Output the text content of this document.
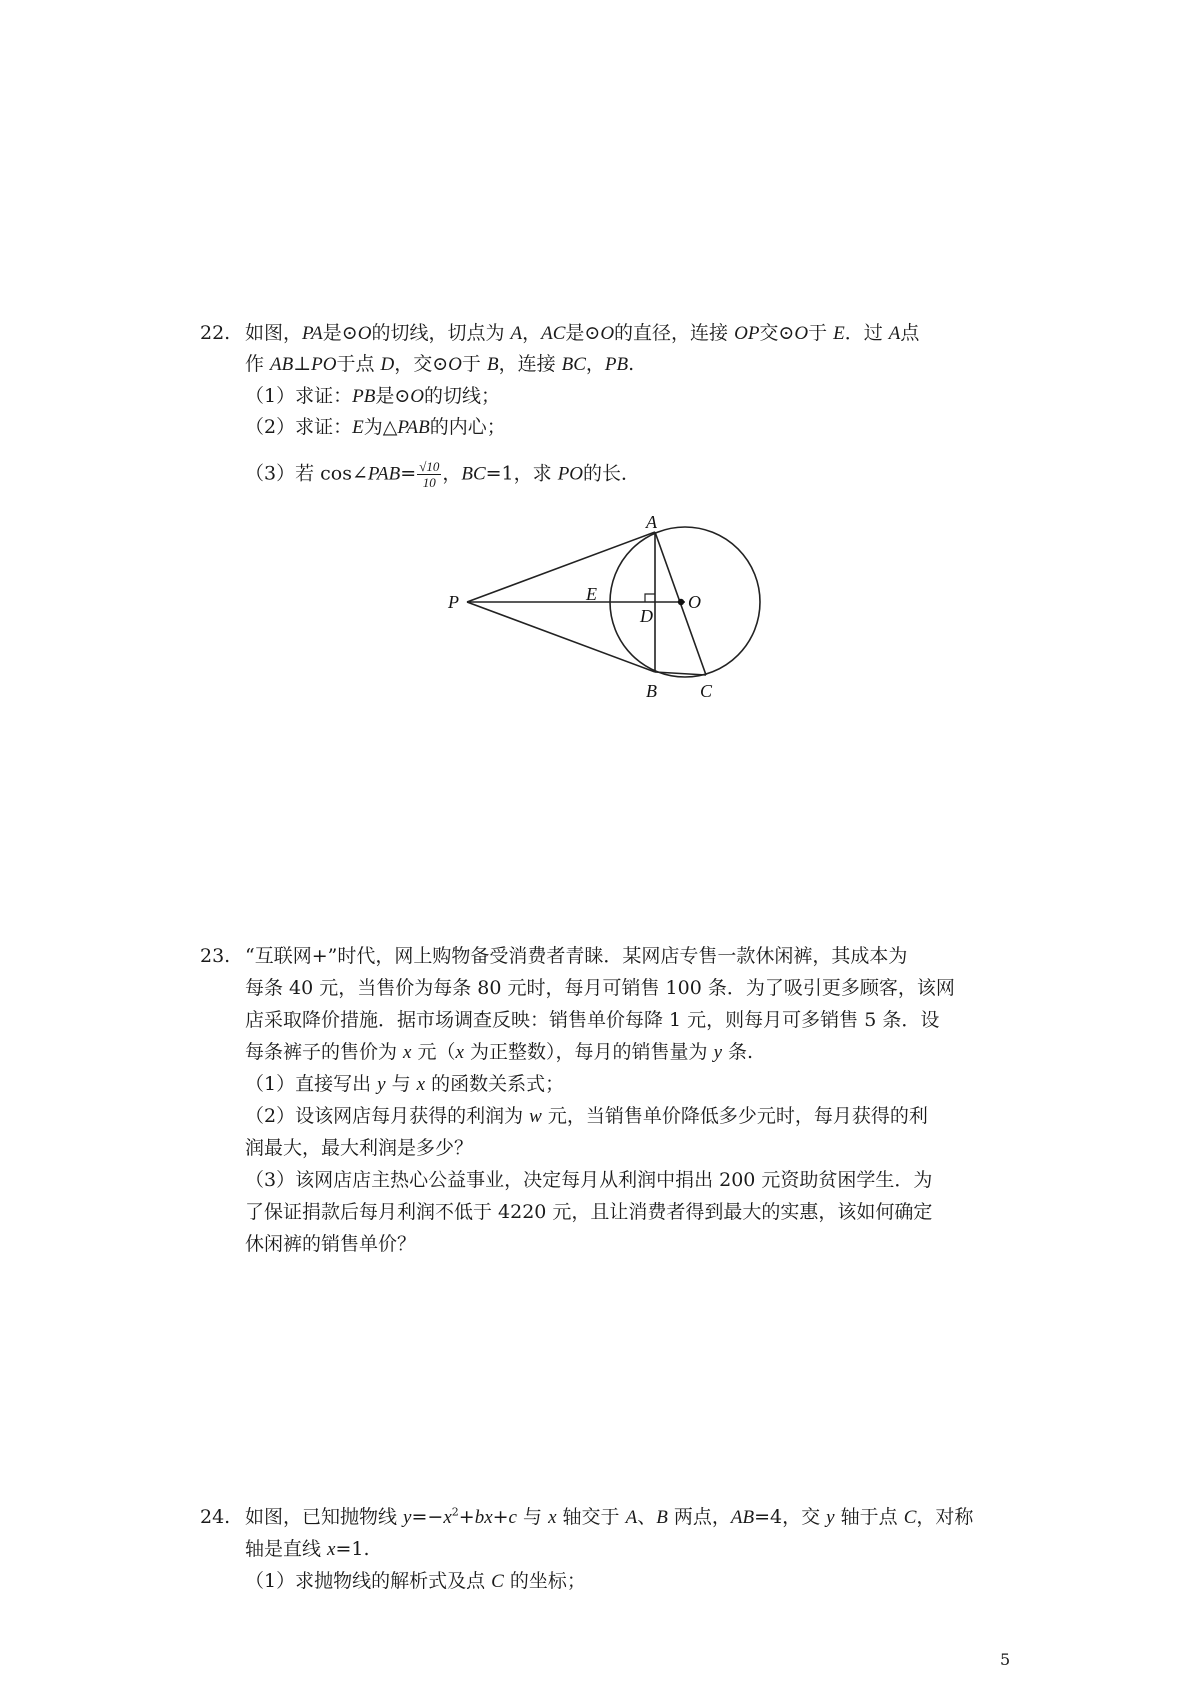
22. 如图，PA是⊙O的切线，切点为 A，AC是⊙O的直径，连接 OP交⊙O于 E．过 A点
作 AB⊥PO于点 D，交⊙O于 B，连接 BC，PB.
（1）求证：PB是⊙O的切线；
（2）求证：E为△PAB的内心；
（3）若 cos∠PAB= $\frac{√10}{10}$ ，BC=1，求 PO的长．
A
P	E
D
O
B C
23. “互联网+”时代，网上购物备受消费者青睐．某网店专售一款休闲裤，其成本为
每条 40 元，当售价为每条 80 元时，每月可销售 100 条．为了吸引更多顾客，该网
店采取降价措施．据市场调查反映：销售单价每降 1 元，则每月可多销售 5 条．设
每条裤子的售价为 x 元（x 为正整数），每月的销售量为 y 条.
（1）直接写出 y 与 x 的函数关系式；
（2）设该网店每月获得的利润为 w 元，当销售单价降低多少元时，每月获得的利
润最大，最大利润是多少？
（3）该网店店主热心公益事业，决定每月从利润中捐出 200 元资助贫困学生．为
了保证捐款后每月利润不低于 4220 元，且让消费者得到最大的实惠，该如何确定
休闲裤的销售单价？
24. 如图，已知抛物线 $y=-x^2+bx+c$ 与 x 轴交于 A、B 两点，AB=4，交 y 轴于点 C，对称
轴是直线 x=1.
（1）求抛物线的解析式及点 C 的坐标；
5
